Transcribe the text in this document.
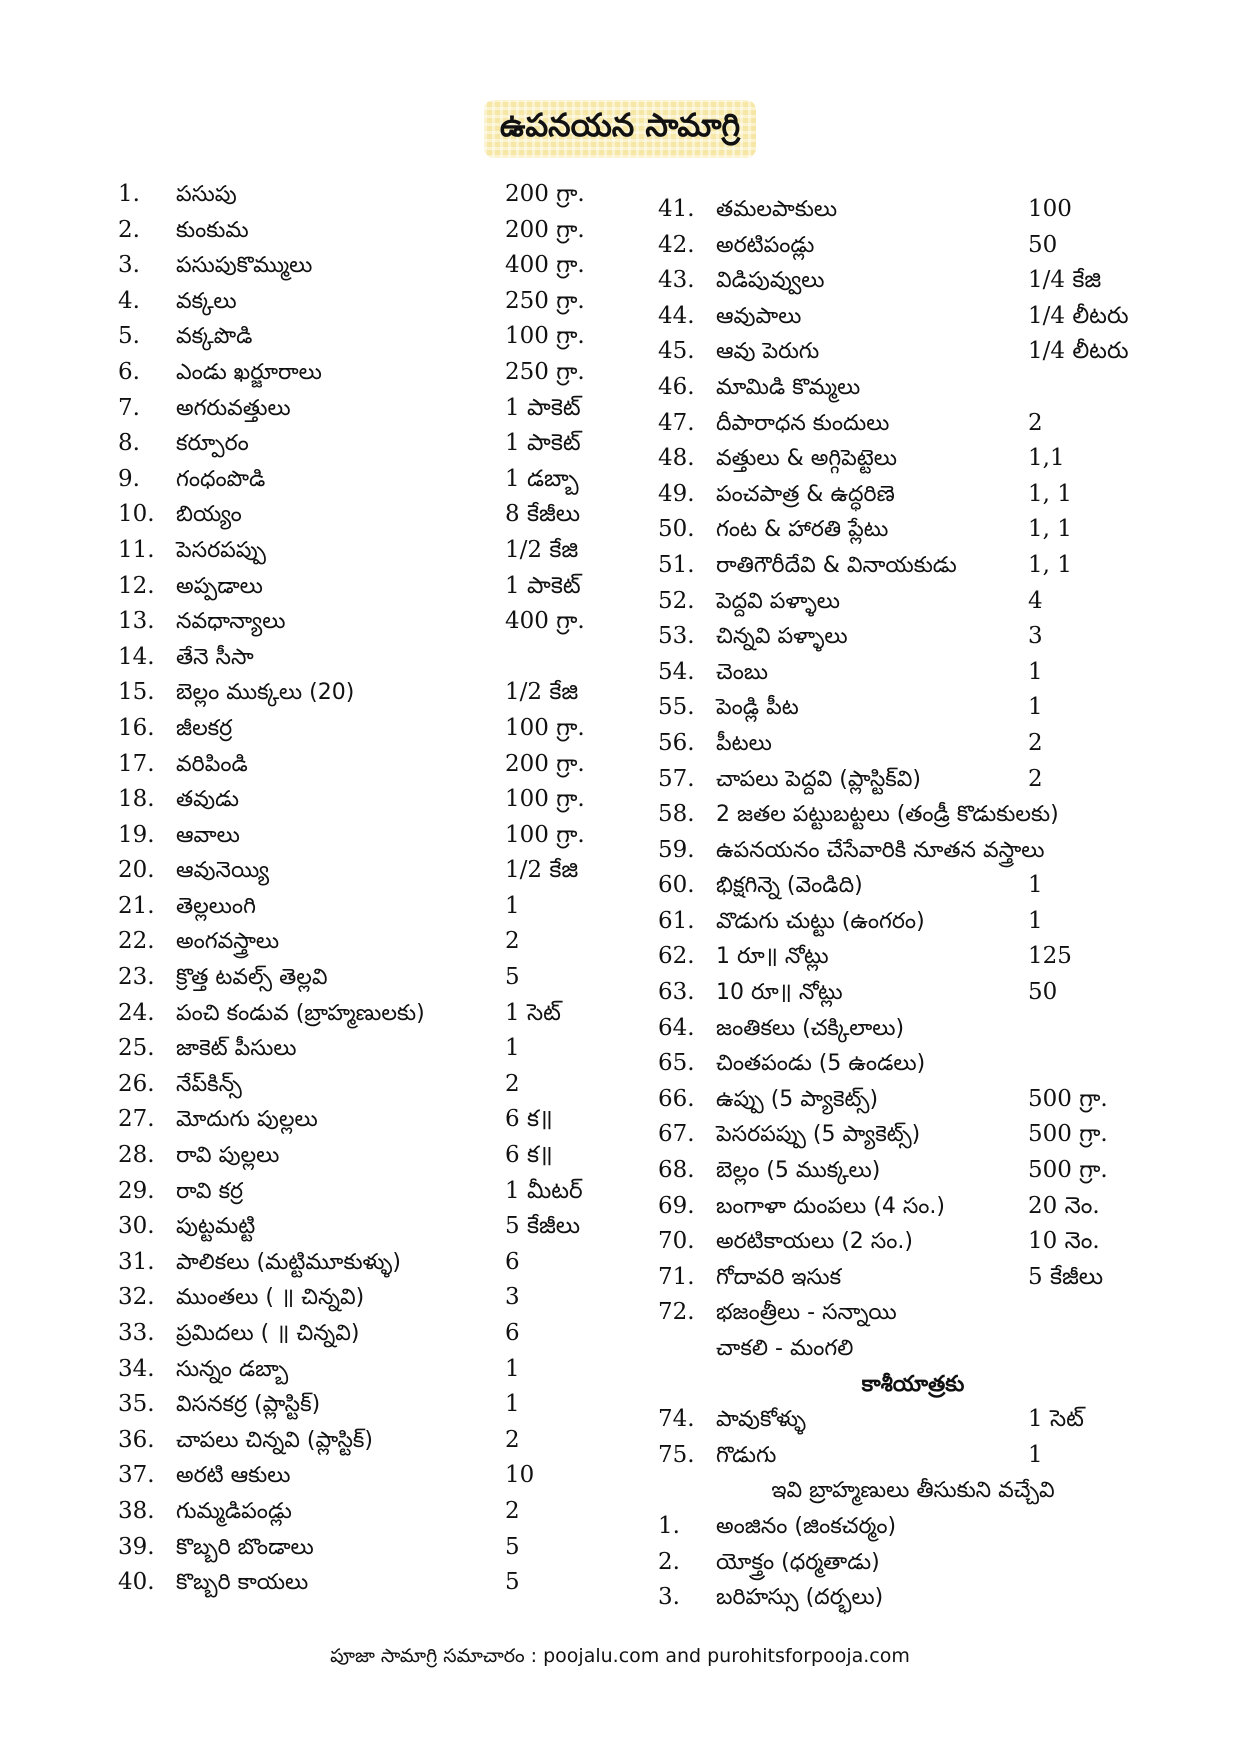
ఉపనయన సామాగ్రి
1. పసుపు	200 గ్రా.
2. కుంకుమ	200 గ్రా.
3. పసుపుకొమ్ములు	400 గ్రా.
4. వక్కలు	250 గ్రా.
5. వక్కపొడి	100 గ్రా.
6. ఎండు ఖర్జూరాలు	250 గ్రా.
7. అగరువత్తులు	1 పాకెట్
8. కర్పూరం	1 పాకెట్
9. గంధంపొడి	1 డబ్బా
10. బియ్యం	8 కేజీలు
11. పెసరపప్పు	1/2 కేజి
12. అప్పడాలు	1 పాకెట్
13. నవధాన్యాలు	400 గ్రా.
14. తేనె సీసా
15. బెల్లం ముక్కలు (20)	1/2 కేజి
16. జీలకర్ర	100 గ్రా.
17. వరిపిండి	200 గ్రా.
18. తవుడు	100 గ్రా.
19. ఆవాలు	100 గ్రా.
20. ఆవునెయ్యి	1/2 కేజి
21. తెల్లలుంగి	1
22. అంగవస్త్రాలు	2
23. క్రొత్త టవల్స్ తెల్లవి	5
24. పంచి కండువ (బ్రాహ్మణులకు)	1 సెట్
25. జాకెట్ పీసులు	1
26. నేప్‌కిన్స్	2
27. మోదుగు పుల్లలు	6 క॥
28. రావి పుల్లలు	6 క॥
29. రావి కర్ర	1 మీటర్
30. పుట్టమట్టి	5 కేజీలు
31. పాలికలు (మట్టిమూకుళ్ళు)	6
32. ముంతలు ( ॥ చిన్నవి)	3
33. ప్రమిదలు ( ॥ చిన్నవి)	6
34. సున్నం డబ్బా	1
35. విసనకర్ర (ప్లాస్టిక్)	1
36. చాపలు చిన్నవి (ప్లాస్టిక్)	2
37. అరటి ఆకులు	10
38. గుమ్మడిపండ్లు	2
39. కొబ్బరి బొండాలు	5
40. కొబ్బరి కాయలు	5
41. తమలపాకులు	100
42. అరటిపండ్లు	50
43. విడిపువ్వులు	1/4 కేజి
44. ఆవుపాలు	1/4 లీటరు
45. ఆవు పెరుగు	1/4 లీటరు
46. మామిడి కొమ్మలు
47. దీపారాధన కుందులు	2
48. వత్తులు & అగ్గిపెట్టెలు	1,1
49. పంచపాత్ర & ఉద్ధరిణె	1, 1
50. గంట & హారతి ప్లేటు	1, 1
51. రాతిగౌరీదేవి & వినాయకుడు	1, 1
52. పెద్దవి పళ్ళాలు	4
53. చిన్నవి పళ్ళాలు	3
54. చెంబు	1
55. పెండ్లి పీట	1
56. పీటలు	2
57. చాపలు పెద్దవి (ప్లాస్టిక్‌వి)	2
58. 2 జతల పట్టుబట్టలు (తండ్రీ కొడుకులకు)
59. ఉపనయనం చేసేవారికి నూతన వస్త్రాలు
60. భిక్షగిన్నె (వెండిది)	1
61. వొడుగు చుట్టు (ఉంగరం)	1
62. 1 రూ॥ నోట్లు	125
63. 10 రూ॥ నోట్లు	50
64. జంతికలు (చక్కిలాలు)
65. చింతపండు (5 ఉండలు)
66. ఉప్పు (5 ప్యాకెట్స్)	500 గ్రా.
67. పెసరపప్పు (5 ప్యాకెట్స్)	500 గ్రా.
68. బెల్లం (5 ముక్కలు)	500 గ్రా.
69. బంగాళా దుంపలు (4 సం.)	20 నెం.
70. అరటికాయలు (2 సం.)	10 నెం.
71. గోదావరి ఇసుక	5 కేజీలు
72. భజంత్రీలు - సన్నాయి
చాకలి - మంగలి
కాశీయాత్రకు
74. పావుకోళ్ళు	1 సెట్
75. గొడుగు	1
ఇవి బ్రాహ్మణులు తీసుకుని వచ్చేవి
1. అంజినం (జింకచర్మం)
2. యోక్త్రం (ధర్మతాడు)
3. బరిహస్సు (దర్భలు)
పూజా సామాగ్రి సమాచారం : poojalu.com and purohitsforpooja.com
